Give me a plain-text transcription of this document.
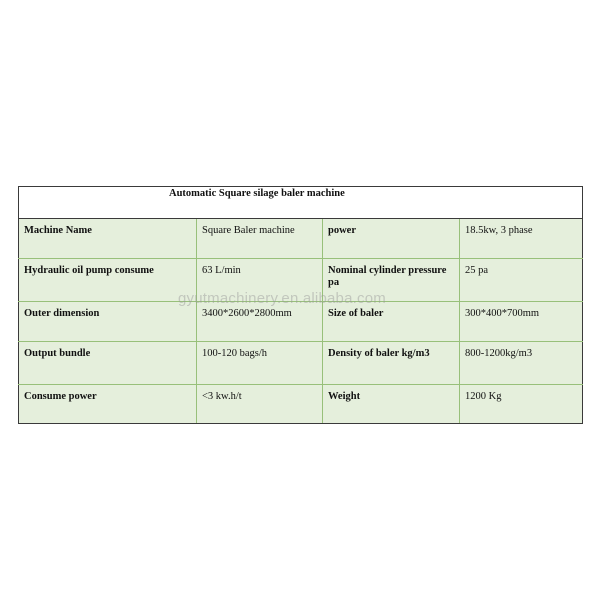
Automatic Square silage baler machine			
Machine Name	Square Baler machine	power	18.5kw, 3 phase
Hydraulic oil pump consume	63 L/min	Nominal cylinder pressure pa	25 pa
Outer dimension	3400*2600*2800mm	Size of baler	300*400*700mm
Output bundle	100-120 bags/h	Density of baler kg/m3	800-1200kg/m3
Consume power	<3 kw.h/t	Weight	1200 Kg
gyutmachinery.en.alibaba.com
